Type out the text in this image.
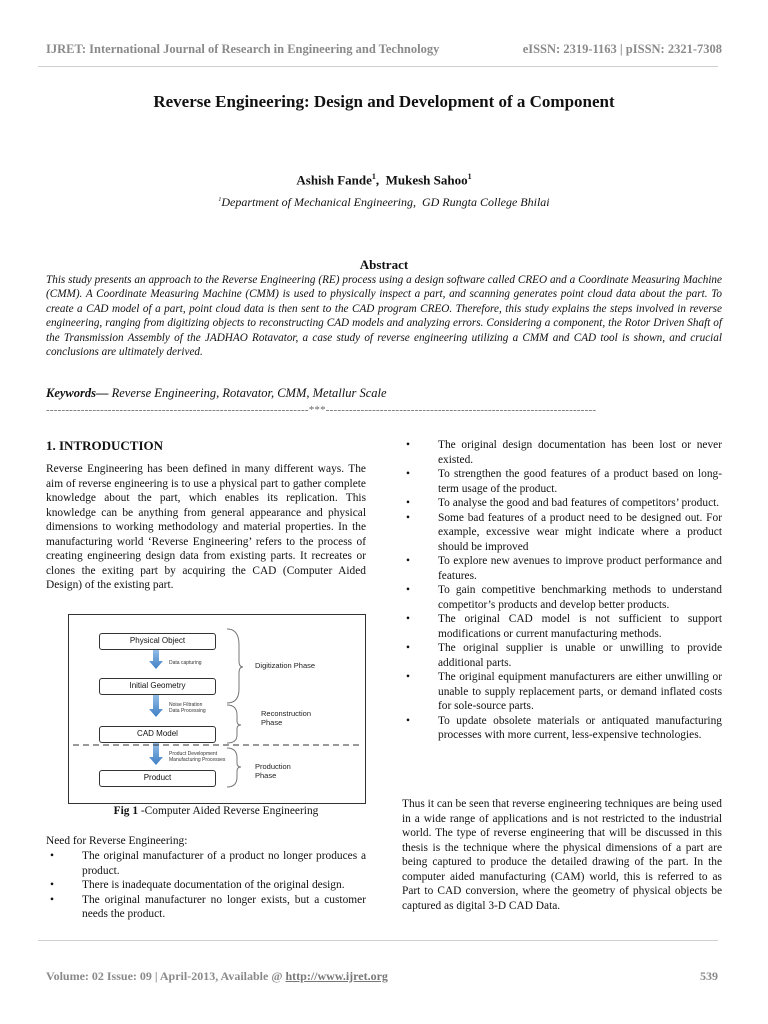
IJRET: International Journal of Research in Engineering and Technology	eISSN: 2319-1163 | pISSN: 2321-7308
Reverse Engineering: Design and Development of a Component
Ashish Fande$^1$,  Mukesh Sahoo$^1$
$^1$Department of Mechanical Engineering,  GD Rungta College Bhilai
Abstract
This study presents an approach to the Reverse Engineering (RE) process using a design software called CREO and a Coordinate Measuring Machine (CMM). A Coordinate Measuring Machine (CMM) is used to physically inspect a part, and scanning generates point cloud data about the part. To create a CAD model of a part, point cloud data is then sent to the CAD program CREO. Therefore, this study explains the steps involved in reverse engineering, ranging from digitizing objects to reconstructing CAD models and analyzing errors. Considering a component, the Rotor Driven Shaft of the Transmission Assembly of the JADHAO Rotavator, a case study of reverse engineering utilizing a CMM and CAD tool is shown, and crucial conclusions are ultimately derived.
Keywords— Reverse Engineering, Rotavator, CMM, Metallur Scale
--------------------------------------------------------------------***----------------------------------------------------------------------
1. INTRODUCTION
Reverse Engineering has been defined in many different ways. The aim of reverse engineering is to use a physical part to gather complete knowledge about the part, which enables its replication. This knowledge can be anything from general appearance and physical dimensions to working methodology and material properties. In the manufacturing world ‘Reverse Engineering’ refers to the process of creating engineering design data from existing parts. It recreates or clones the exiting part by acquiring the CAD (Computer Aided Design) of the existing part.
Physical Object
Initial Geometry
CAD Model
Product
Data capturing
Noise Filtration
Data Processing
Product Development
Manufacturing Processes
Digitization Phase
Reconstruction
Phase
Production
Phase
Fig 1 -Computer Aided Reverse Engineering
Need for Reverse Engineering:
• The original manufacturer of a product no longer produces a product.
• There is inadequate documentation of the original design.
• The original manufacturer no longer exists, but a customer needs the product.
• The original design documentation has been lost or never existed.
• To strengthen the good features of a product based on long-term usage of the product.
• To analyse the good and bad features of competitors’ product.
• Some bad features of a product need to be designed out. For example, excessive wear might indicate where a product should be improved
• To explore new avenues to improve product performance and features.
• To gain competitive benchmarking methods to understand competitor’s products and develop better products.
• The original CAD model is not sufficient to support modifications or current manufacturing methods.
• The original supplier is unable or unwilling to provide additional parts.
• The original equipment manufacturers are either unwilling or unable to supply replacement parts, or demand inflated costs for sole-source parts.
• To update obsolete materials or antiquated manufacturing processes with more current, less-expensive technologies.
Thus it can be seen that reverse engineering techniques are being used in a wide range of applications and is not restricted to the industrial world. The type of reverse engineering that will be discussed in this thesis is the technique where the physical dimensions of a part are being captured to produce the detailed drawing of the part. In the computer aided manufacturing (CAM) world, this is referred to as Part to CAD conversion, where the geometry of physical objects be captured as digital 3-D CAD Data.
Volume: 02 Issue: 09 | April-2013, Available @ http://www.ijret.org	539
